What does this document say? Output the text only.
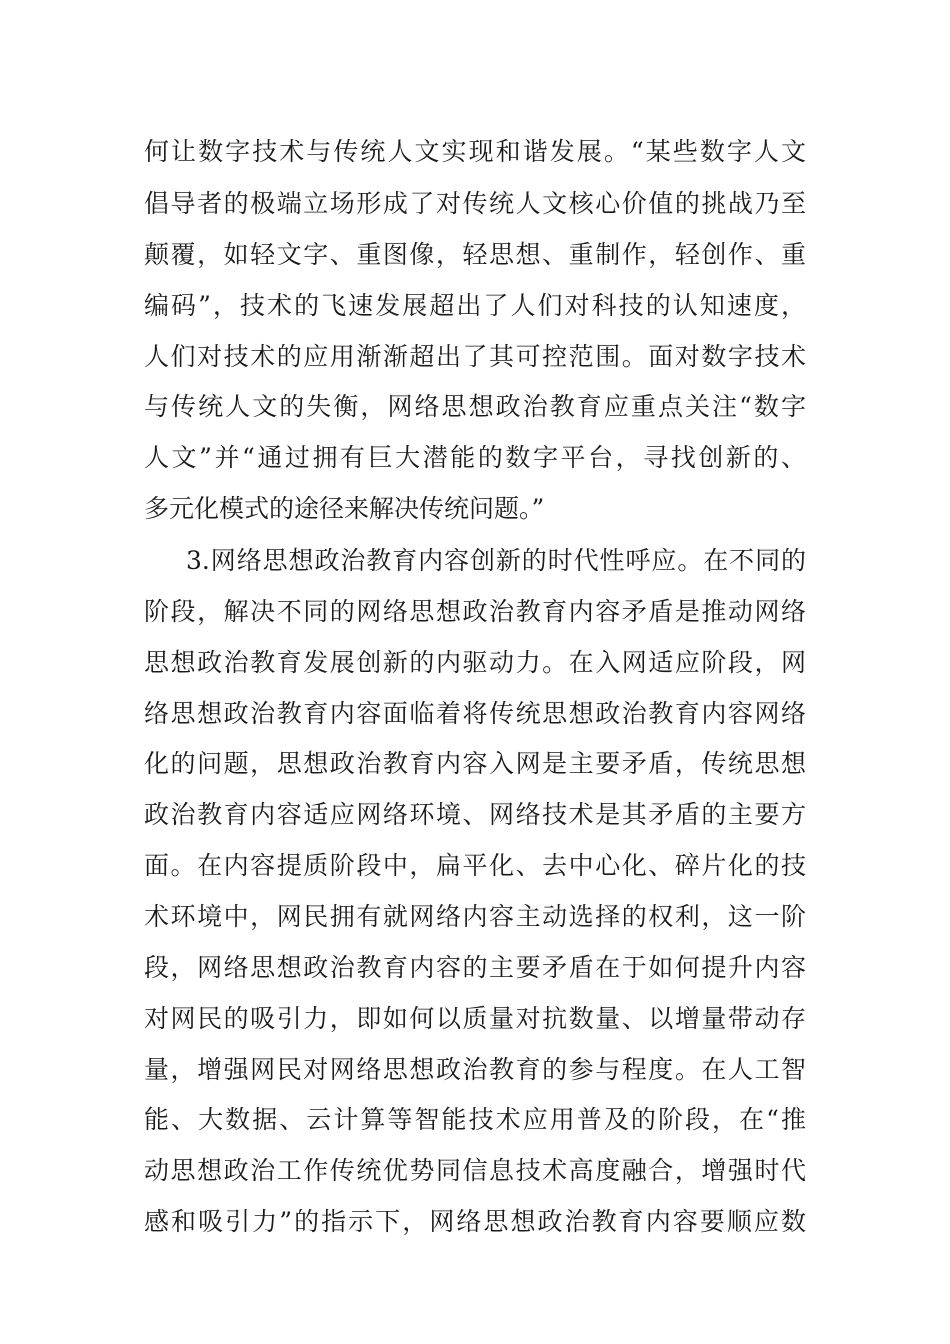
何让数字技术与传统人文实现和谐发展。“某些数字人文
倡导者的极端立场形成了对传统人文核心价值的挑战乃至
颠覆，如轻文字、重图像，轻思想、重制作，轻创作、重
编码”，技术的飞速发展超出了人们对科技的认知速度，
人们对技术的应用渐渐超出了其可控范围。面对数字技术
与传统人文的失衡，网络思想政治教育应重点关注“数字
人文”并“通过拥有巨大潜能的数字平台，寻找创新的、
多元化模式的途径来解决传统问题。”
3.网络思想政治教育内容创新的时代性呼应。在不同的
阶段，解决不同的网络思想政治教育内容矛盾是推动网络
思想政治教育发展创新的内驱动力。在入网适应阶段，网
络思想政治教育内容面临着将传统思想政治教育内容网络
化的问题，思想政治教育内容入网是主要矛盾，传统思想
政治教育内容适应网络环境、网络技术是其矛盾的主要方
面。在内容提质阶段中，扁平化、去中心化、碎片化的技
术环境中，网民拥有就网络内容主动选择的权利，这一阶
段，网络思想政治教育内容的主要矛盾在于如何提升内容
对网民的吸引力，即如何以质量对抗数量、以增量带动存
量，增强网民对网络思想政治教育的参与程度。在人工智
能、大数据、云计算等智能技术应用普及的阶段，在“推
动思想政治工作传统优势同信息技术高度融合，增强时代
感和吸引力”的指示下，网络思想政治教育内容要顺应数
